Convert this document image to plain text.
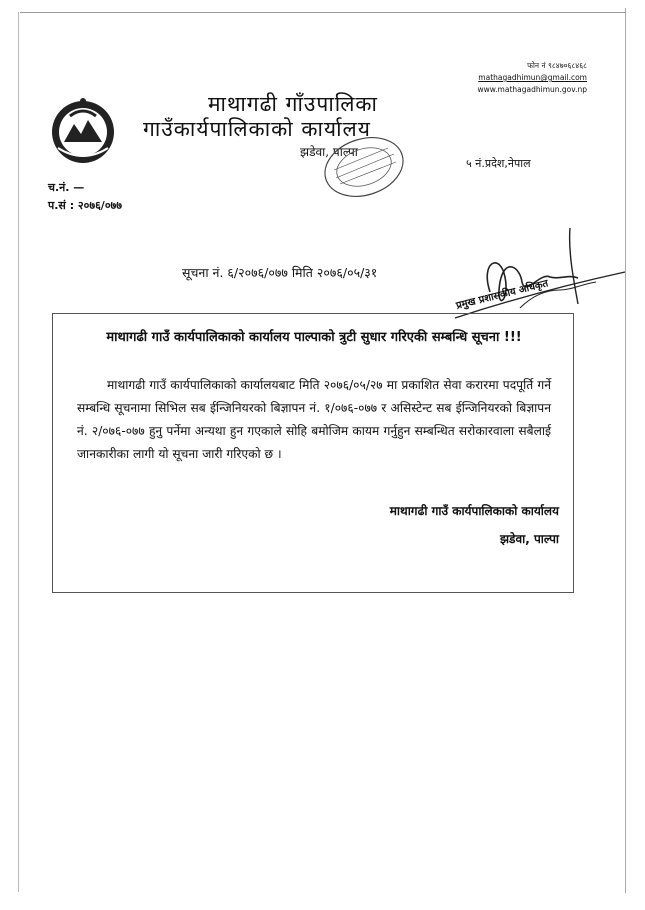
फोन नं ९८४७०६८४६८
mathagadhimun@gmail.com
www.mathagadhimun.gov.np
माथागढी गाँउपालिका
गाउँकार्यपालिकाको कार्यालय
झडेवा, पाल्पा
५ नं.प्रदेश,नेपाल
च.नं. —
प.सं : २०७६/०७७
सूचना नं. ६/२०७६/०७७ मिति २०७६/०५/३१
प्रमुख प्रशासकीय अधिकृत
माथागढी गाउँ कार्यपालिकाको कार्यालय पाल्पाको त्रुटी सुधार गरिएकी सम्बन्धि सूचना !!!
माथागढी गाउँ कार्यपालिकाको कार्यालयबाट मिति २०७६/०५/२७ मा प्रकाशित सेवा करारमा पदपूर्ति गर्ने सम्बन्धि सूचनामा सिभिल सब ईन्जिनियरको बिज्ञापन नं. १/०७६-०७७ र असिस्टेन्ट सब ईन्जिनियरको बिज्ञापन नं. २/०७६-०७७ हुनु पर्नेमा अन्यथा हुन गएकाले सोहि बमोजिम कायम गर्नुहुन सम्बन्धित सरोकारवाला सबैलाई जानकारीका लागी यो सूचना जारी गरिएको छ ।
माथागढी गाउँ कार्यपालिकाको कार्यालय
झडेवा, पाल्पा
